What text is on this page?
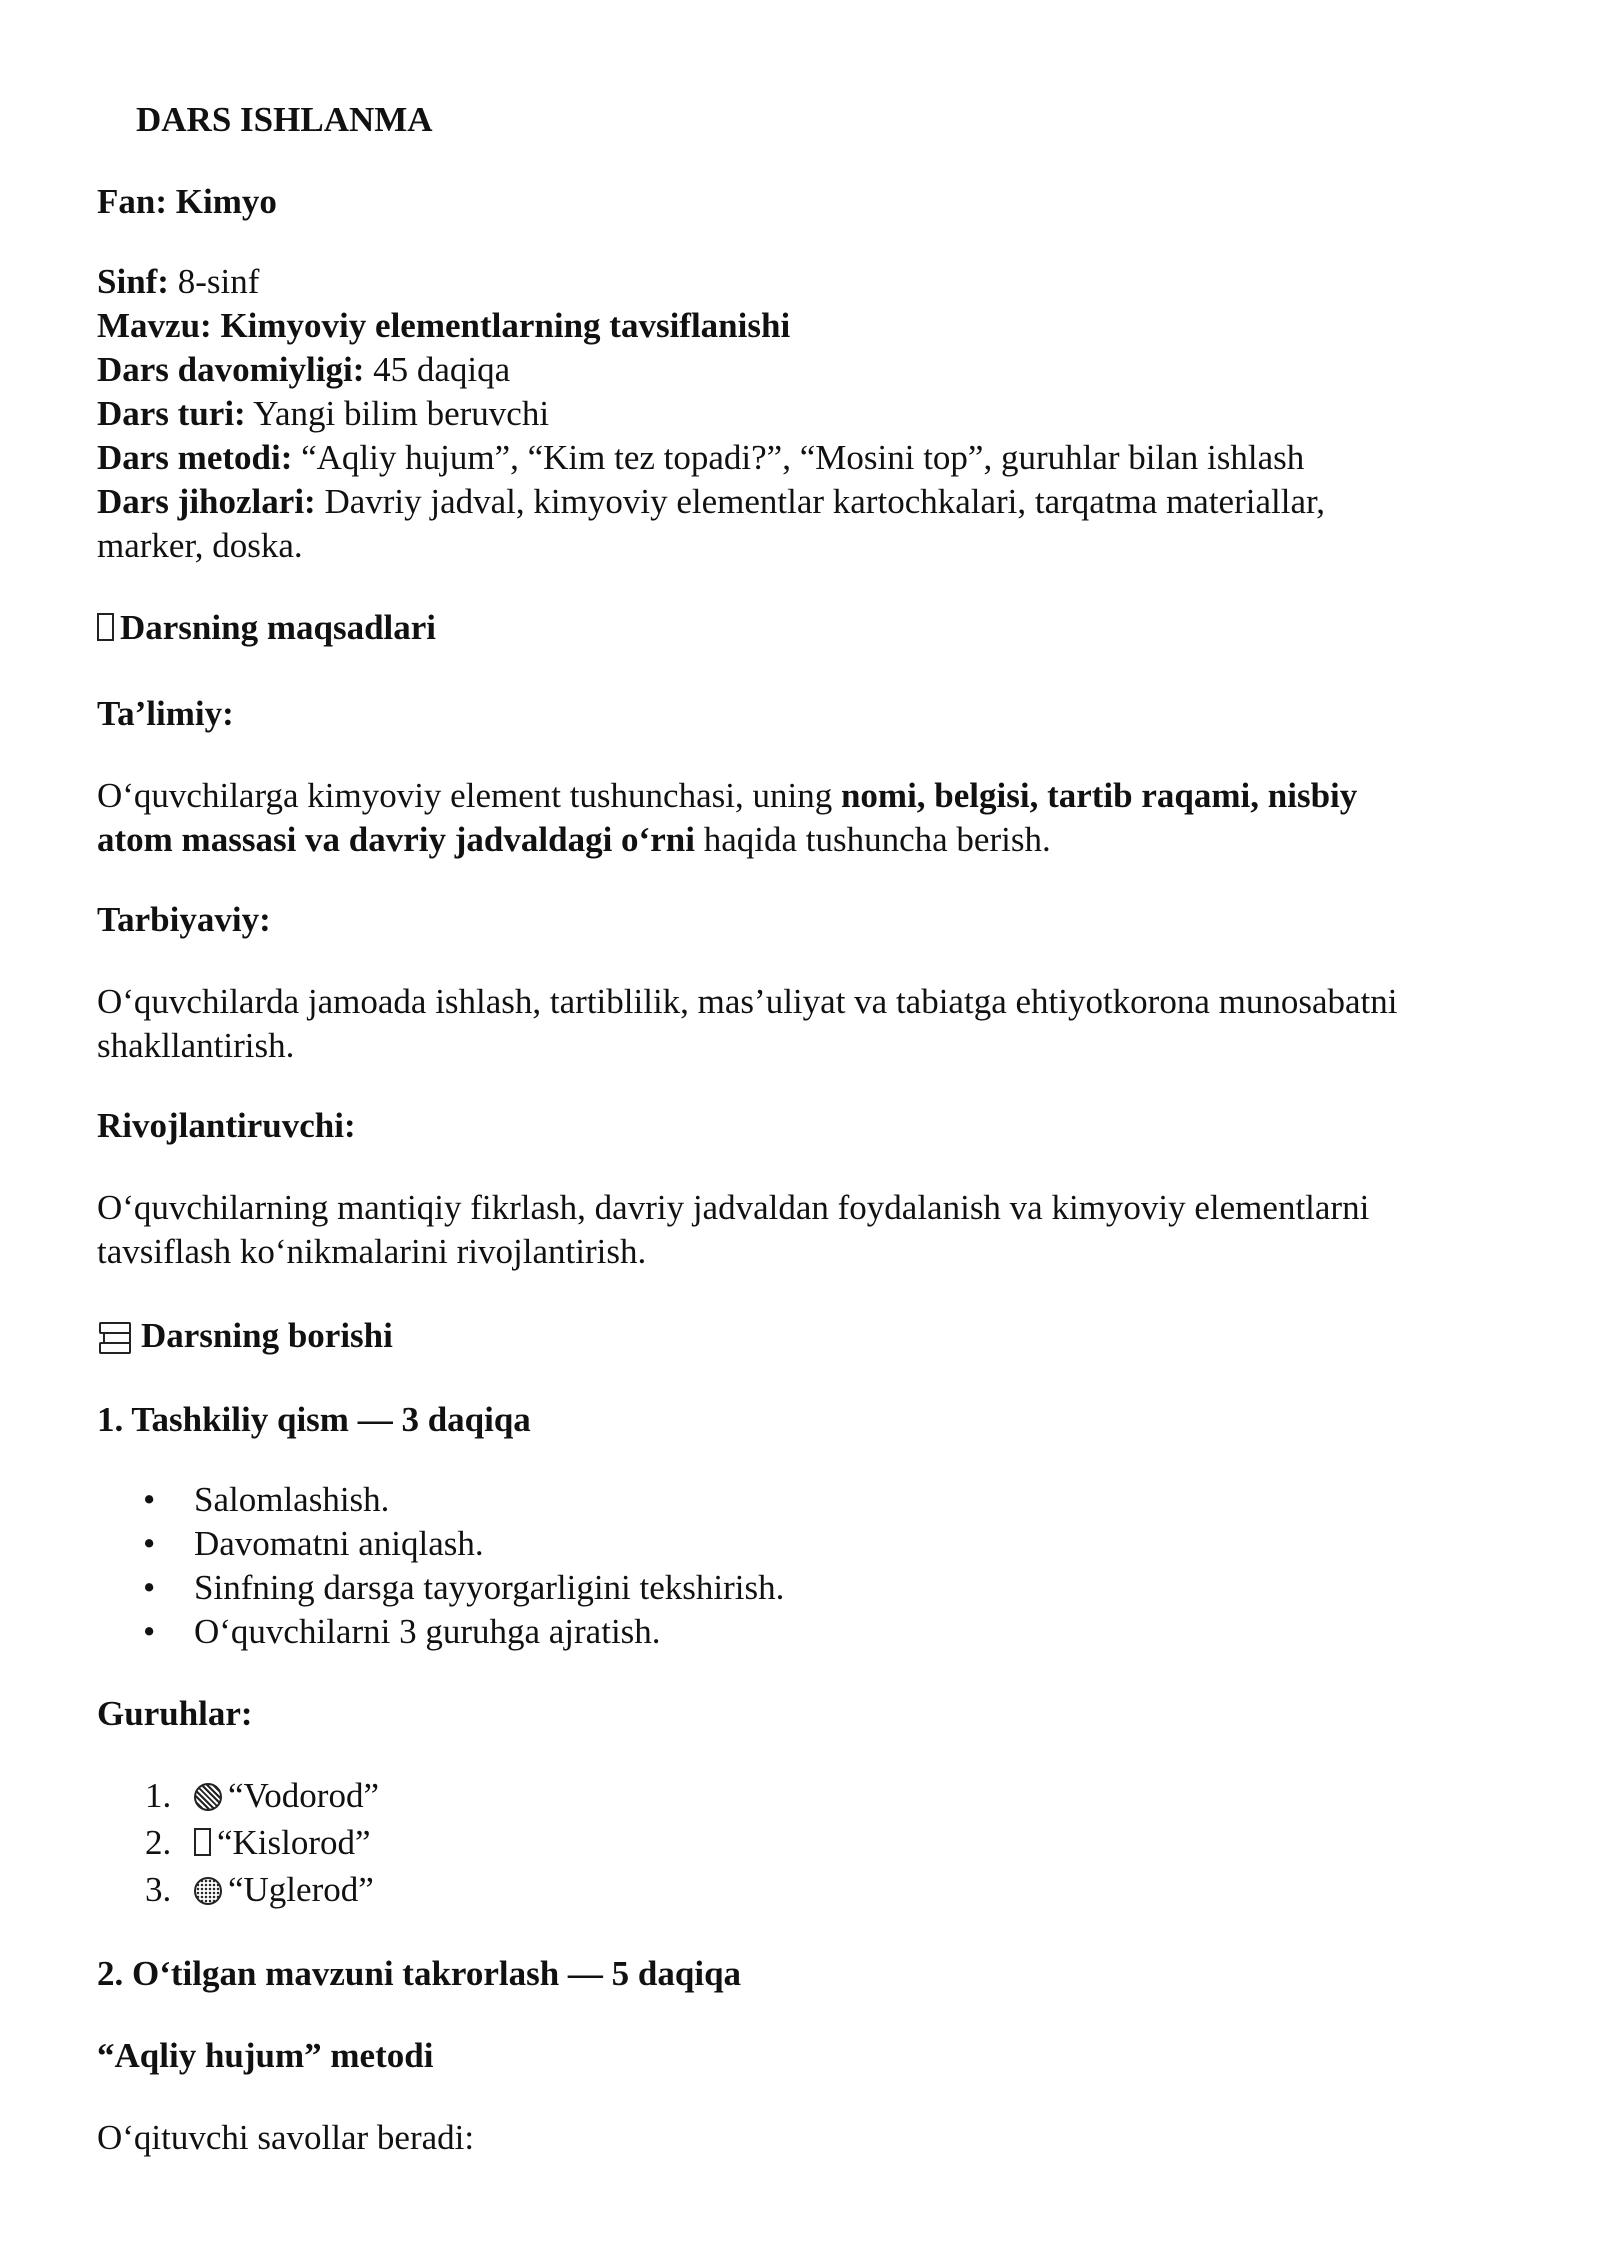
DARS ISHLANMA

Fan: Kimyo

Sinf: 8-sinf

Mavzu: Kimyoviy elementlarning tavsiflanishi

Dars davomiyligi: 45 daqiqa

Dars turi: Yangi bilim beruvchi

Dars metodi: “Aqliy hujum”, “Kim tez topadi?”, “Mosini top”, guruhlar bilan ishlash

Dars jihozlari: Davriy jadval, kimyoviy elementlar kartochkalari, tarqatma materiallar,

marker, doska.

Darsning maqsadlari

Ta’limiy:

O‘quvchilarga kimyoviy element tushunchasi, uning nomi, belgisi, tartib raqami, nisbiy
atom massasi va davriy jadvaldagi o‘rni haqida tushuncha berish.

Tarbiyaviy:

O‘quvchilarda jamoada ishlash, tartiblilik, mas’uliyat va tabiatga ehtiyotkorona munosabatni
shakllantirish.

Rivojlantiruvchi:

O‘quvchilarning mantiqiy fikrlash, davriy jadvaldan foydalanish va kimyoviy elementlarni
tavsiflash ko‘nikmalarini rivojlantirish.

Darsning borishi

1. Tashkiliy qism — 3 daqiqa

• Salomlashish.
• Davomatni aniqlash.
• Sinfning darsga tayyorgarligini tekshirish.
• O‘quvchilarni 3 guruhga ajratish.

Guruhlar:

1. “Vodorod”
2. “Kislorod”
3. “Uglerod”

2. O‘tilgan mavzuni takrorlash — 5 daqiqa

“Aqliy hujum” metodi

O‘qituvchi savollar beradi:
